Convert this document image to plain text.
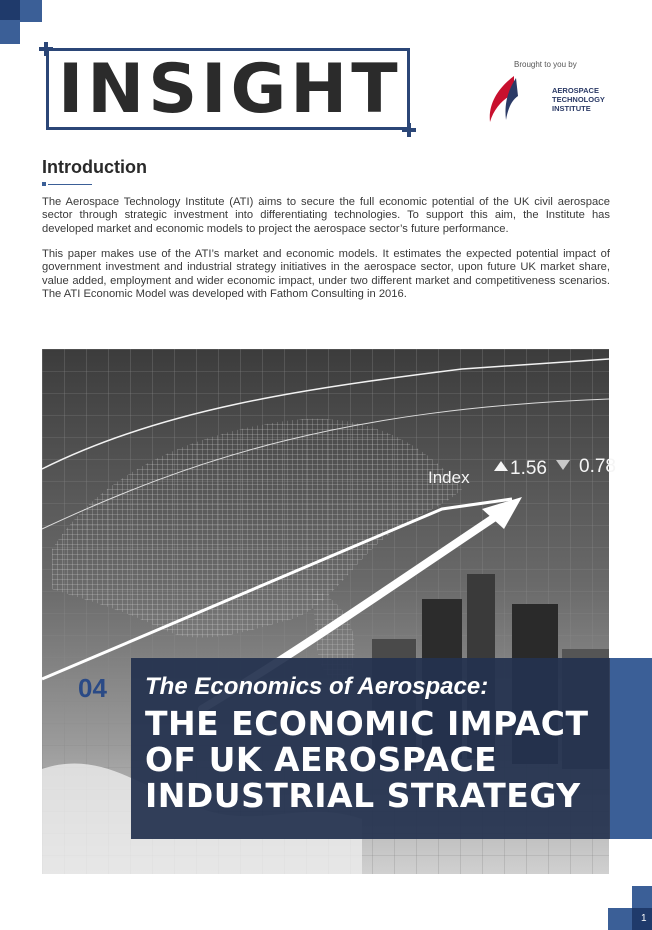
INSIGHT	Brought to you by
AEROSPACE
TECHNOLOGY
INSTITUTE
Introduction

The Aerospace Technology Institute (ATI) aims to secure the full economic potential of the UK civil aerospace sector through strategic investment into differentiating technologies. To support this aim, the Institute has developed market and economic models to project the aerospace sector’s future performance.

This paper makes use of the ATI’s market and economic models. It estimates the expected potential impact of government investment and industrial strategy initiatives in the aerospace sector, upon future UK market share, value added, employment and wider economic impact, under two different market and competitiveness scenarios. The ATI Economic Model was developed with Fathom Consulting in 2016.

Index 1.56 0.78
04 The Economics of Aerospace:
THE ECONOMIC IMPACT
OF UK AEROSPACE
INDUSTRIAL STRATEGY
1
